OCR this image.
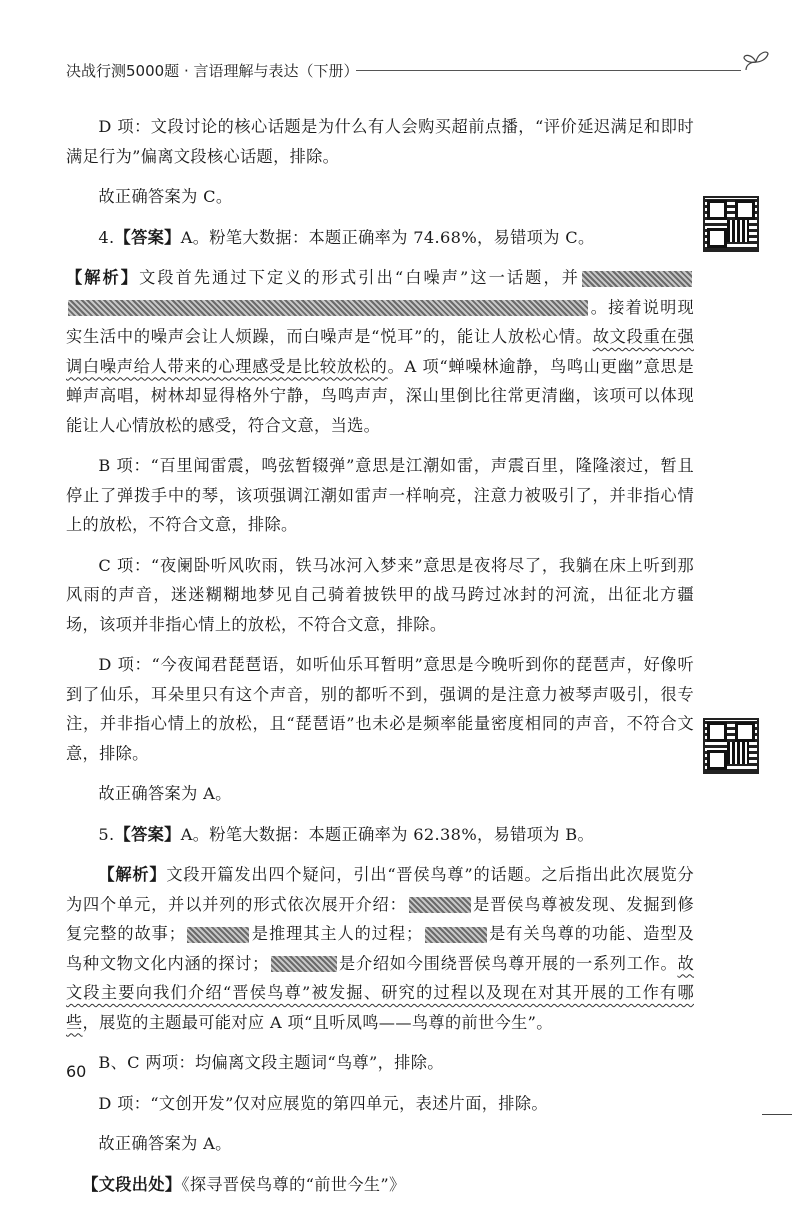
决战行测5000题 · 言语理解与表达（下册）

D 项：文段讨论的核心话题是为什么有人会购买超前点播，“评价延迟满足和即时满足行为”偏离文段核心话题，排除。

故正确答案为 C。

4.【答案】A。粉笔大数据：本题正确率为 74.68%，易错项为 C。

【解析】文段首先通过下定义的形式引出“白噪声”这一话题，并。接着说明现实生活中的噪声会让人烦躁，而白噪声是“悦耳”的，能让人放松心情。故文段重在强调白噪声给人带来的心理感受是比较放松的。A 项“蝉噪林逾静，鸟鸣山更幽”意思是蝉声高唱，树林却显得格外宁静，鸟鸣声声，深山里倒比往常更清幽，该项可以体现能让人心情放松的感受，符合文意，当选。

B 项：“百里闻雷震，鸣弦暂辍弹”意思是江潮如雷，声震百里，隆隆滚过，暂且停止了弹拨手中的琴，该项强调江潮如雷声一样响亮，注意力被吸引了，并非指心情上的放松，不符合文意，排除。

C 项：“夜阑卧听风吹雨，铁马冰河入梦来”意思是夜将尽了，我躺在床上听到那风雨的声音，迷迷糊糊地梦见自己骑着披铁甲的战马跨过冰封的河流，出征北方疆场，该项并非指心情上的放松，不符合文意，排除。

D 项：“今夜闻君琵琶语，如听仙乐耳暂明”意思是今晚听到你的琵琶声，好像听到了仙乐，耳朵里只有这个声音，别的都听不到，强调的是注意力被琴声吸引，很专注，并非指心情上的放松，且“琵琶语”也未必是频率能量密度相同的声音，不符合文意，排除。

故正确答案为 A。

5.【答案】A。粉笔大数据：本题正确率为 62.38%，易错项为 B。

【解析】文段开篇发出四个疑问，引出“晋侯鸟尊”的话题。之后指出此次展览分为四个单元，并以并列的形式依次展开介绍：	是晋侯鸟尊被发现、发掘到修复完整的故事；	是推理其主人的过程；	是有关鸟尊的功能、造型及鸟种文物文化内涵的探讨；	是介绍如今围绕晋侯鸟尊开展的一系列工作。故文段主要向我们介绍“晋侯鸟尊”被发掘、研究的过程以及现在对其开展的工作有哪些，展览的主题最可能对应 A 项“且听凤鸣——鸟尊的前世今生”。

B、C 两项：均偏离文段主题词“鸟尊”，排除。

D 项：“文创开发”仅对应展览的第四单元，表述片面，排除。

故正确答案为 A。

【文段出处】《探寻晋侯鸟尊的“前世今生”》

60
